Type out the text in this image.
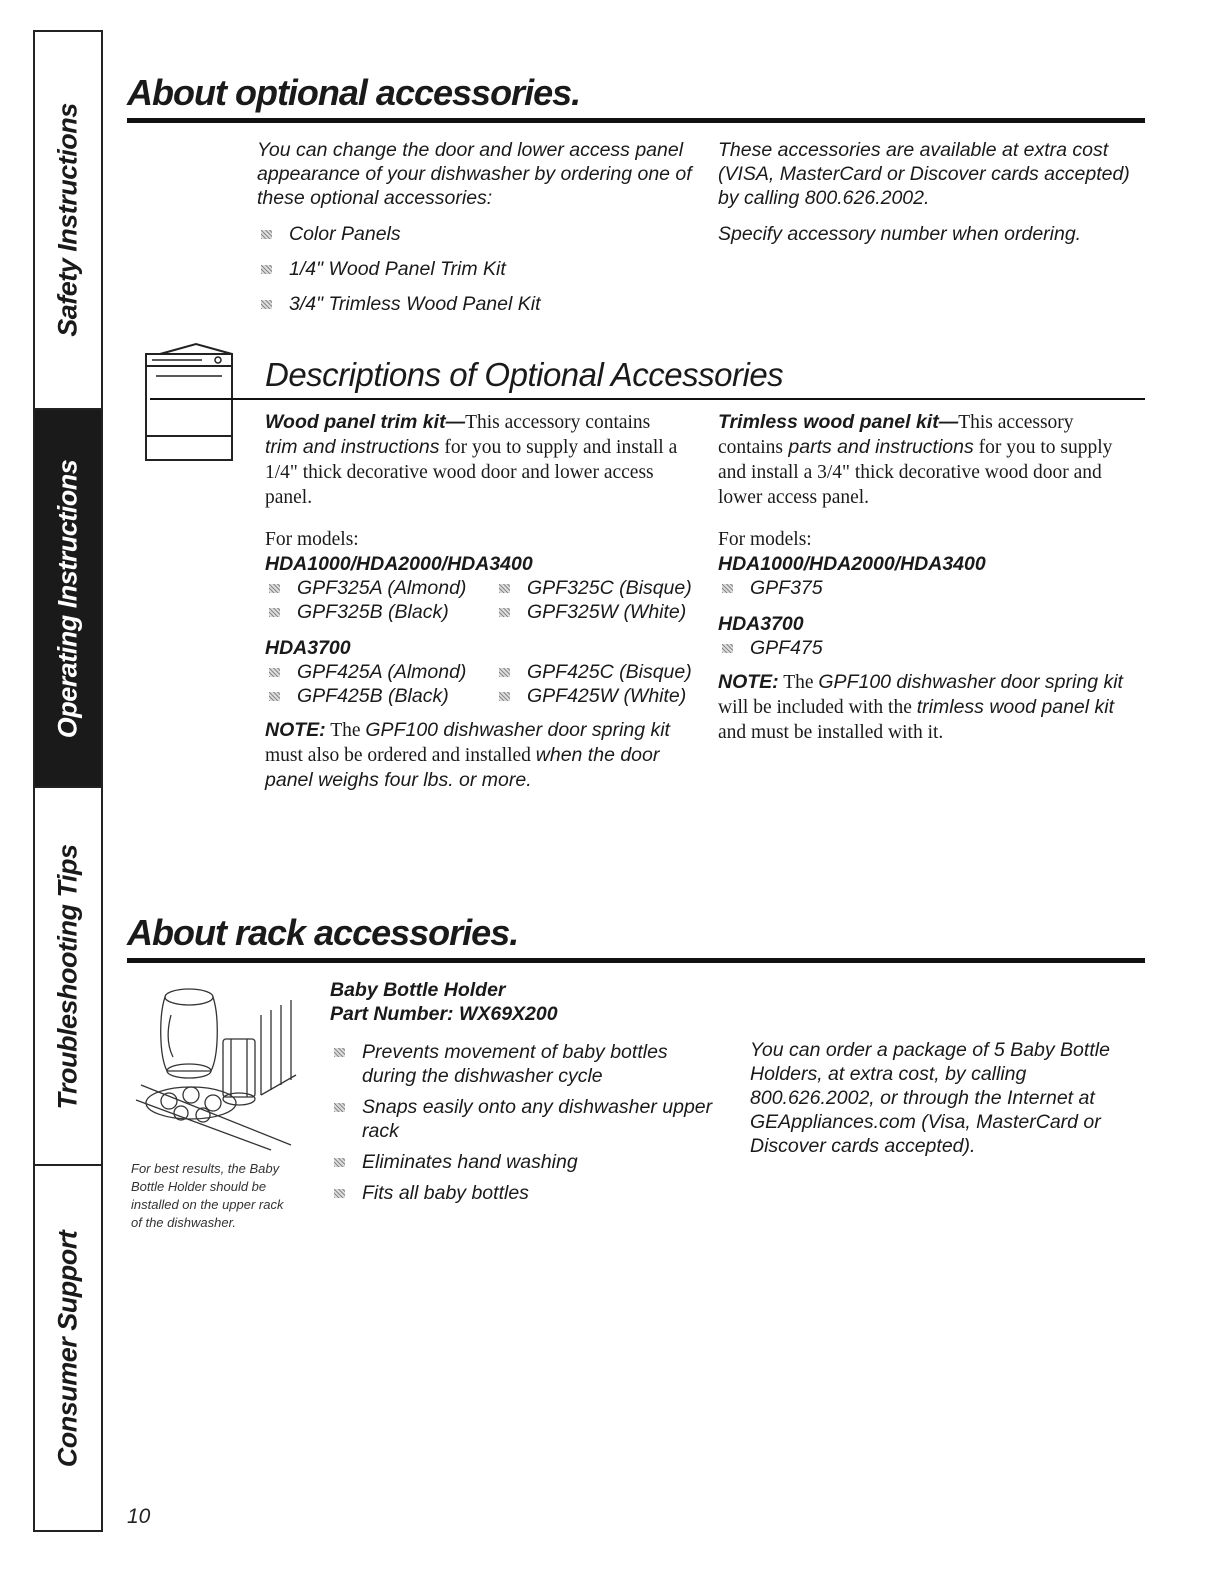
Safety Instructions
Operating Instructions
Troubleshooting Tips
Consumer Support
About optional accessories.

You can change the door and lower access panel appearance of your dishwasher by ordering one of these optional accessories:

Color Panels
1/4" Wood Panel Trim Kit
3/4" Trimless Wood Panel Kit

These accessories are available at extra cost (VISA, MasterCard or Discover cards accepted) by calling 800.626.2002.

Specify accessory number when ordering.

Descriptions of Optional Accessories

Wood panel trim kit—This accessory contains trim and instructions for you to supply and install a 1/4" thick decorative wood door and lower access panel.

For models:

HDA1000/HDA2000/HDA3400

GPF325A (Almond)	GPF325C (Bisque)
GPF325B (Black)	GPF325W (White)

HDA3700

GPF425A (Almond)	GPF425C (Bisque)
GPF425B (Black)	GPF425W (White)

NOTE: The GPF100 dishwasher door spring kit must also be ordered and installed when the door panel weighs four lbs. or more.

Trimless wood panel kit—This accessory contains parts and instructions for you to supply and install a 3/4" thick decorative wood door and lower access panel.

For models:

HDA1000/HDA2000/HDA3400

GPF375

HDA3700

GPF475

NOTE: The GPF100 dishwasher door spring kit will be included with the trimless wood panel kit and must be installed with it.

About rack accessories.
For best results, the Baby Bottle Holder should be installed on the upper rack of the dishwasher.

Baby Bottle Holder

Part Number: WX69X200

Prevents movement of baby bottles during the dishwasher cycle
Snaps easily onto any dishwasher upper rack
Eliminates hand washing
Fits all baby bottles

You can order a package of 5 Baby Bottle Holders, at extra cost, by calling 800.626.2002, or through the Internet at GEAppliances.com (Visa, MasterCard or Discover cards accepted).

10
